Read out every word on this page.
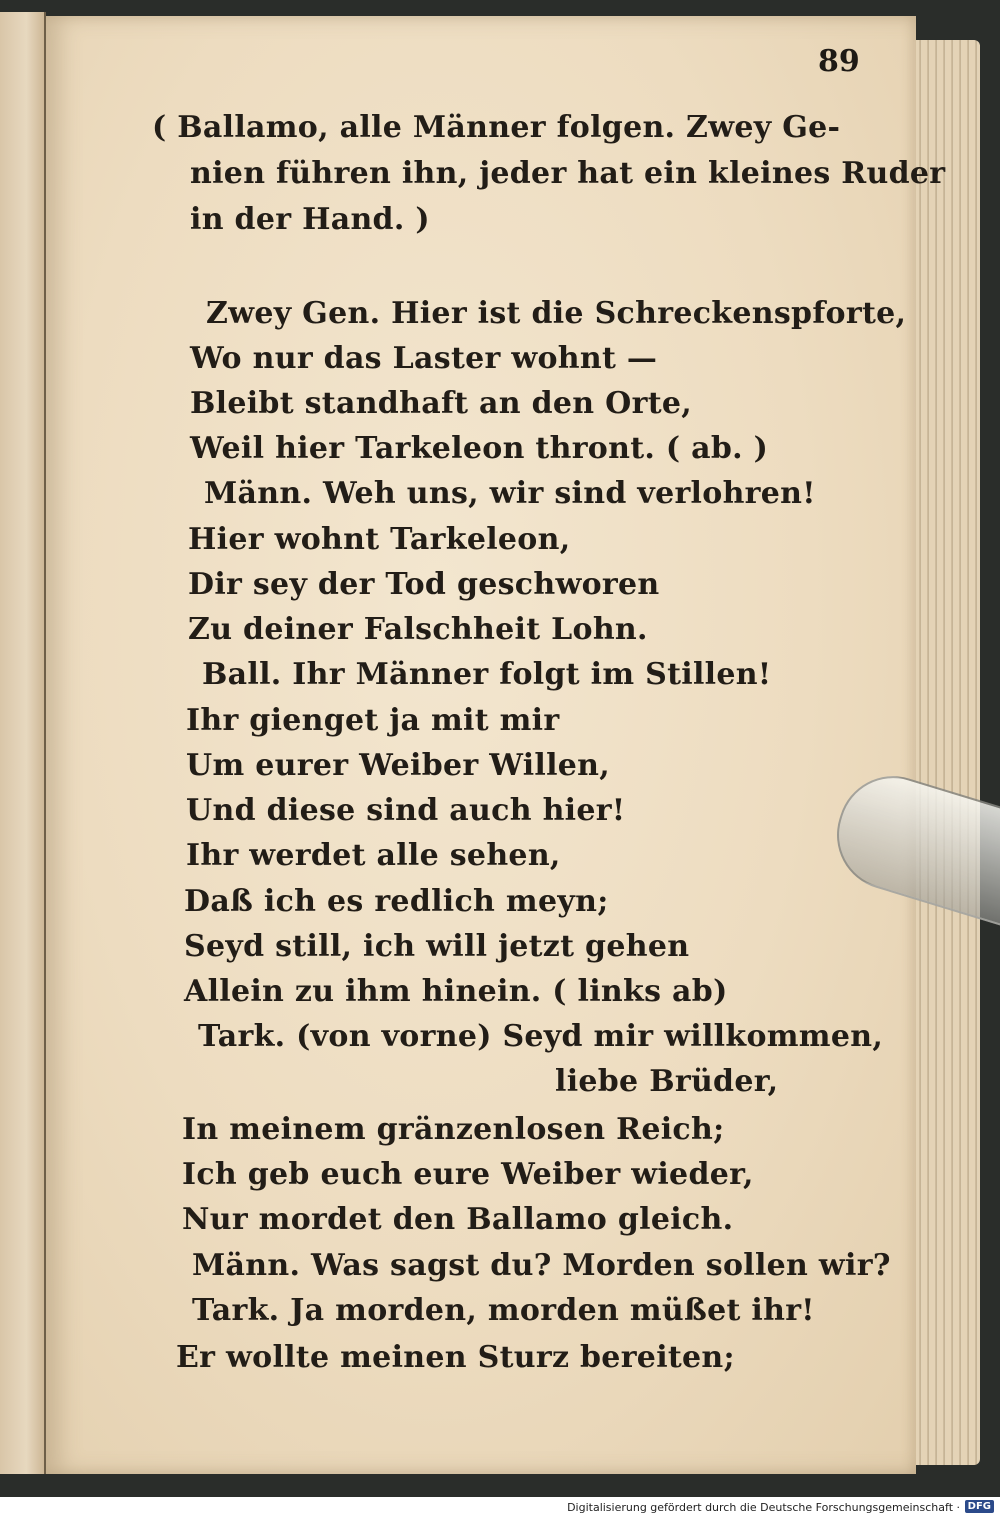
89
( Ballamo, alle Männer folgen. Zwey Ge-
nien führen ihn, jeder hat ein kleines Ruder
in der Hand. )
Zwey Gen. Hier ist die Schreckenspforte,
Wo nur das Laster wohnt —
Bleibt standhaft an den Orte,
Weil hier Tarkeleon thront. ( ab. )
Männ. Weh uns, wir sind verlohren!
Hier wohnt Tarkeleon,
Dir sey der Tod geschworen
Zu deiner Falschheit Lohn.
Ball. Ihr Männer folgt im Stillen!
Ihr gienget ja mit mir
Um eurer Weiber Willen,
Und diese sind auch hier!
Ihr werdet alle sehen,
Daß ich es redlich meyn;
Seyd still, ich will jetzt gehen
Allein zu ihm hinein. ( links ab)
Tark. (von vorne) Seyd mir willkommen,
liebe Brüder,
In meinem gränzenlosen Reich;
Ich geb euch eure Weiber wieder,
Nur mordet den Ballamo gleich.
Männ. Was sagst du? Morden sollen wir?
Tark. Ja morden, morden müßet ihr!
Er wollte meinen Sturz bereiten;
Digitalisierung gefördert durch die Deutsche Forschungsgemeinschaft · DFG
